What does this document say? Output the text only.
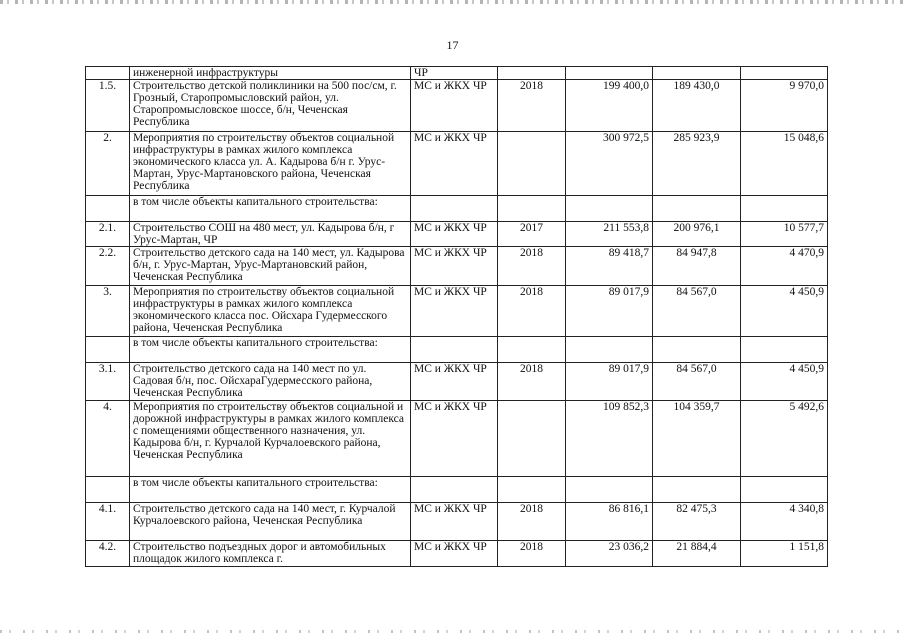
17
	инженерной инфраструктуры	ЧР				
1.5.	Строительство детской поликлиники на 500 пос/см, г. Грозный, Старопромысловский район, ул. Старопромысловское шоссе, б/н, Чеченская Республика	МС и ЖКХ ЧР	2018	199 400,0	189 430,0	9 970,0
2.	Мероприятия по строительству объектов социальной инфраструктуры в рамках жилого комплекса экономического класса ул. А. Кадырова б/н г. Урус-Мартан, Урус-Мартановского района, Чеченская Республика	МС и ЖКХ ЧР		300 972,5	285 923,9	15 048,6
	в том числе объекты капитального строительства:					
2.1.	Строительство СОШ на 480 мест, ул. Кадырова б/н, г Урус-Мартан, ЧР	МС и ЖКХ ЧР	2017	211 553,8	200 976,1	10 577,7
2.2.	Строительство детского сада на 140 мест, ул. Кадырова б/н, г. Урус-Мартан, Урус-Мартановский район, Чеченская Республика	МС и ЖКХ ЧР	2018	89 418,7	84 947,8	4 470,9
3.	Мероприятия по строительству объектов социальной инфраструктуры в рамках жилого комплекса экономического класса пос. Ойсхара Гудермесского района, Чеченская Республика	МС и ЖКХ ЧР	2018	89 017,9	84 567,0	4 450,9
	в том числе объекты капитального строительства:					
3.1.	Строительство детского сада на 140 мест по ул. Садовая б/н, пос. ОйсхараГудермесского района, Чеченская Республика	МС и ЖКХ ЧР	2018	89 017,9	84 567,0	4 450,9
4.	Мероприятия по строительству объектов социальной и дорожной инфраструктуры в рамках жилого комплекса с помещениями общественного назначения, ул. Кадырова б/н, г. Курчалой Курчалоевского района, Чеченская Республика	МС и ЖКХ ЧР		109 852,3	104 359,7	5 492,6
	в том числе объекты капитального строительства:					
4.1.	Строительство детского сада на 140 мест, г. Курчалой Курчалоевского района, Чеченская Республика	МС и ЖКХ ЧР	2018	86 816,1	82 475,3	4 340,8
4.2.	Строительство подъездных дорог и автомобильных площадок жилого комплекса г.	МС и ЖКХ ЧР	2018	23 036,2	21 884,4	1 151,8
